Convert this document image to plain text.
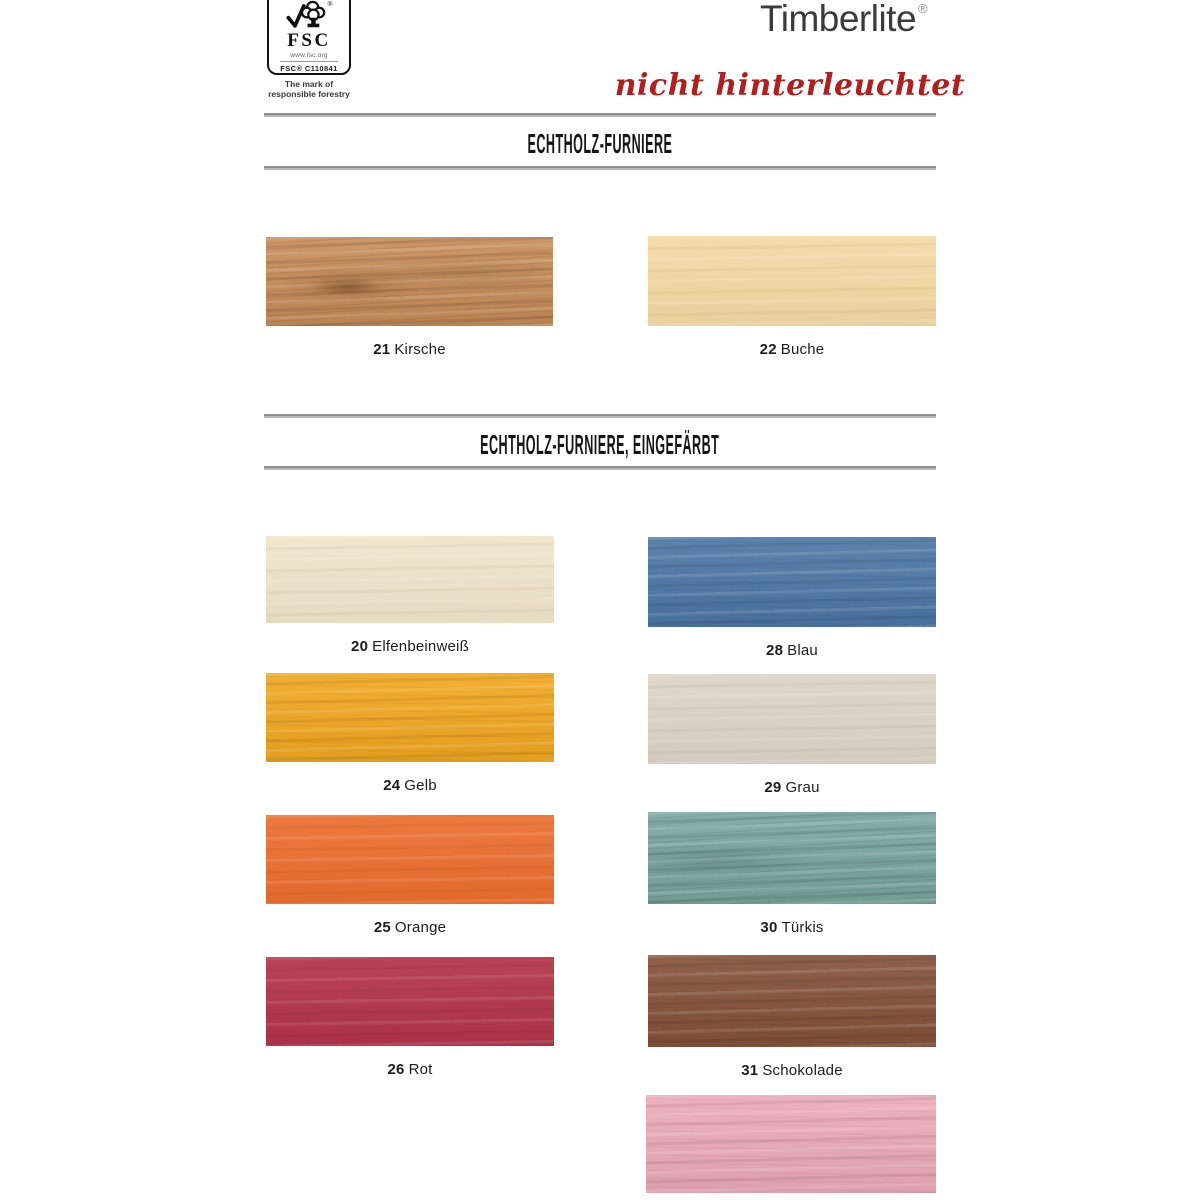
®
FSC
www.fsc.org
FSC® C110841
The mark of
responsible forestry
Timberlite ®
nicht hinterleuchtet
ECHTHOLZ-FURNIERE
21 Kirsche	22 Buche
ECHTHOLZ-FURNIERE, EINGEFÄRBT
20 Elfenbeinweiß	28 Blau
24 Gelb	29 Grau
25 Orange	30 Türkis
26 Rot	31 Schokolade
